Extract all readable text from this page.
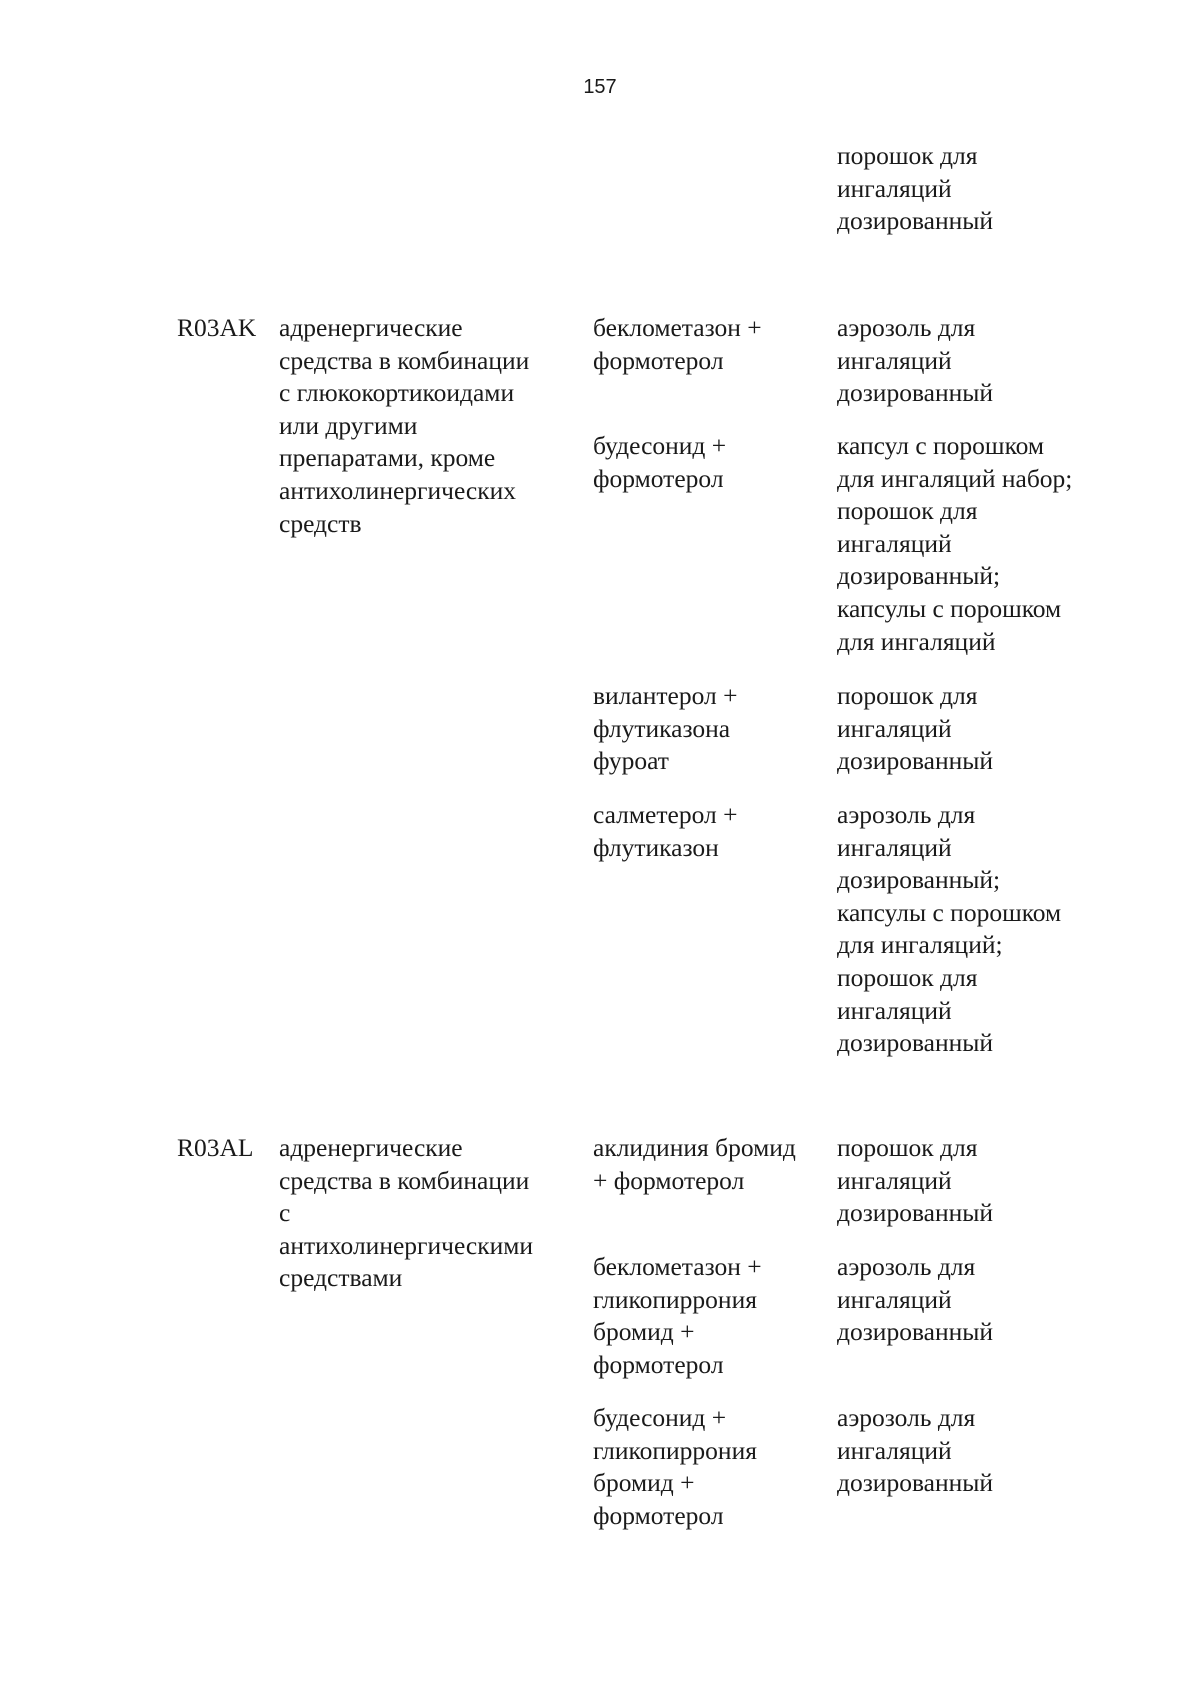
157
порошок для
ингаляций
дозированный
R03AK адренергические
средства в комбинации
с глюкокортикоидами
или другими
препаратами, кроме
антихолинергических
средств
беклометазон +
формотерол
аэрозоль для
ингаляций
дозированный
будесонид +
формотерол
капсул с порошком
для ингаляций набор;
порошок для
ингаляций
дозированный;
капсулы с порошком
для ингаляций
вилантерол +
флутиказона
фуроат
порошок для
ингаляций
дозированный
салметерол +
флутиказон
аэрозоль для
ингаляций
дозированный;
капсулы с порошком
для ингаляций;
порошок для
ингаляций
дозированный
R03AL	адренергические
средства в комбинации
с
антихолинергическими
средствами
аклидиния бромид
+ формотерол
порошок для
ингаляций
дозированный
беклометазон +
гликопиррония
бромид +
формотерол
аэрозоль для
ингаляций
дозированный
будесонид +
гликопиррония
бромид +
формотерол
аэрозоль для
ингаляций
дозированный
